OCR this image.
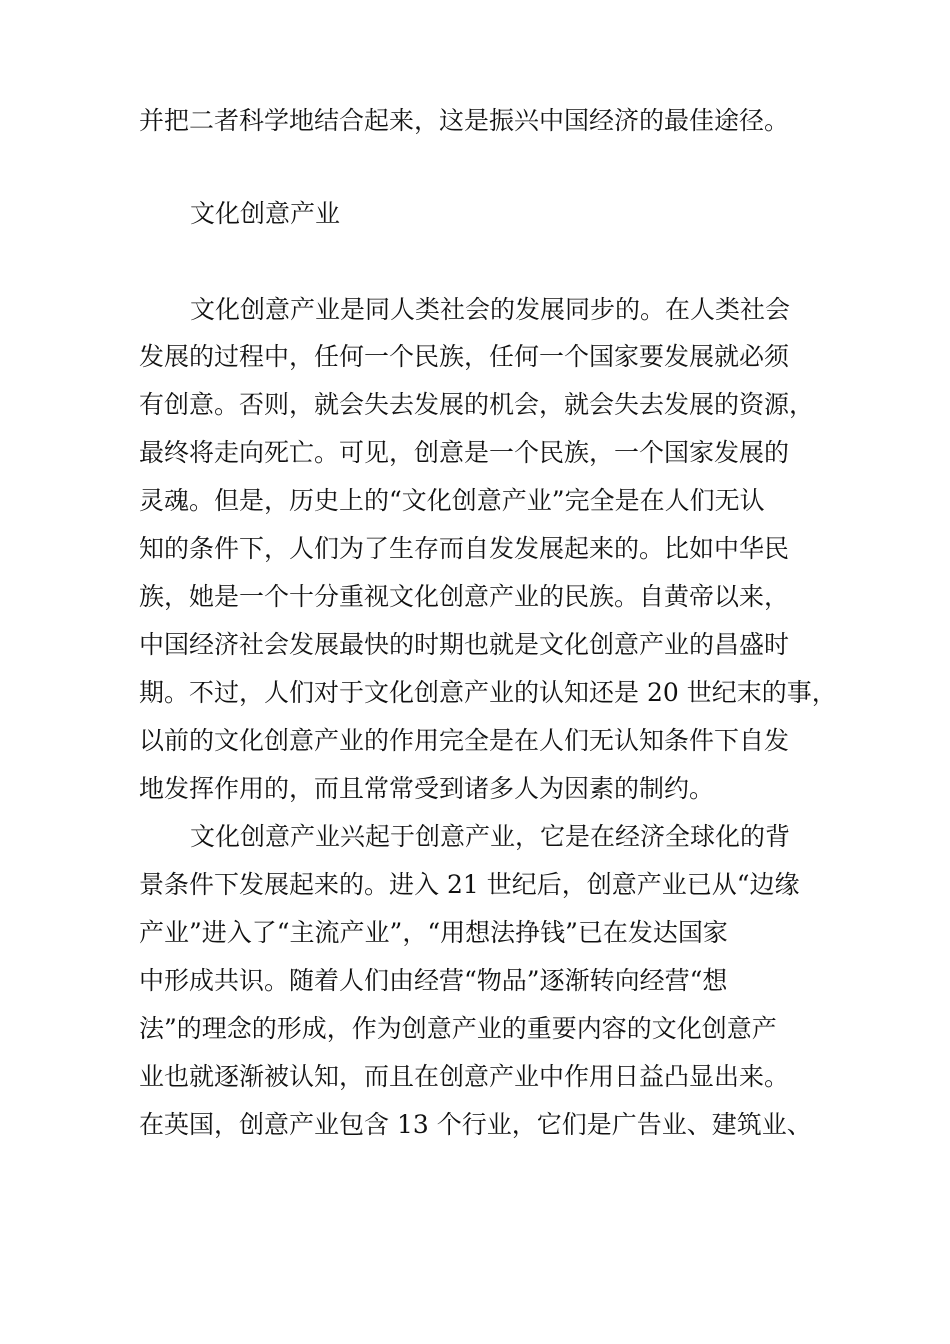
并把二者科学地结合起来，这是振兴中国经济的最佳途径。

文化创意产业

文化创意产业是同人类社会的发展同步的。在人类社会

发展的过程中，任何一个民族，任何一个国家要发展就必须

有创意。否则，就会失去发展的机会，就会失去发展的资源，

最终将走向死亡。可见，创意是一个民族，一个国家发展的

灵魂。但是，历史上的“文化创意产业”完全是在人们无认

知的条件下，人们为了生存而自发发展起来的。比如中华民

族，她是一个十分重视文化创意产业的民族。自黄帝以来，

中国经济社会发展最快的时期也就是文化创意产业的昌盛时

期。不过，人们对于文化创意产业的认知还是 20 世纪末的事，

以前的文化创意产业的作用完全是在人们无认知条件下自发

地发挥作用的，而且常常受到诸多人为因素的制约。

文化创意产业兴起于创意产业，它是在经济全球化的背

景条件下发展起来的。进入 21 世纪后，创意产业已从“边缘

产业”进入了“主流产业”，“用想法挣钱”已在发达国家

中形成共识。随着人们由经营“物品”逐渐转向经营“想

法”的理念的形成，作为创意产业的重要内容的文化创意产

业也就逐渐被认知，而且在创意产业中作用日益凸显出来。

在英国，创意产业包含 13 个行业，它们是广告业、建筑业、
